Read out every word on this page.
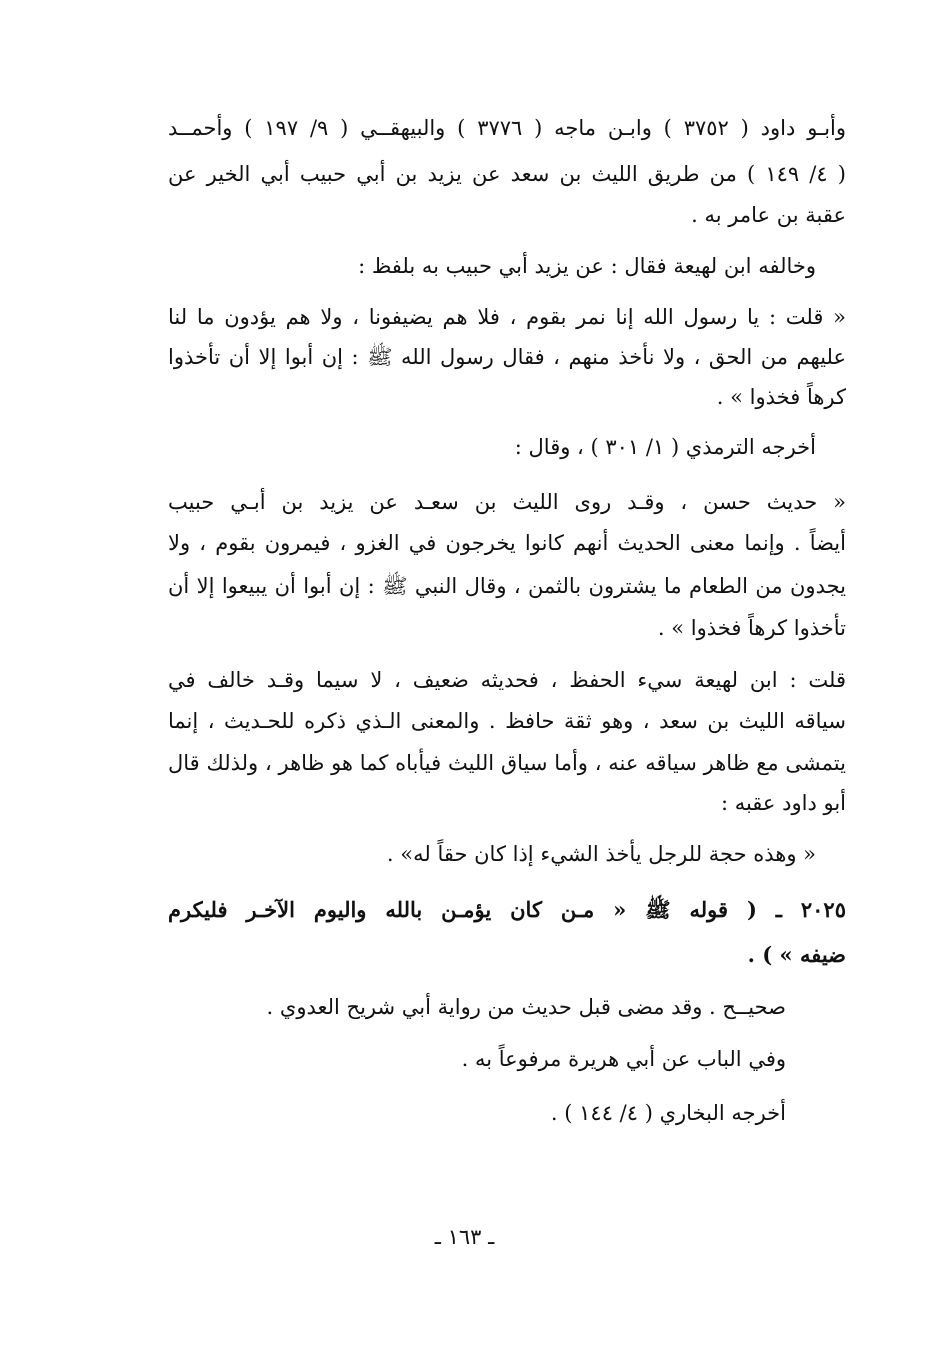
وأبـو داود ( ٣٧٥٢ ) وابـن ماجه ( ٣٧٧٦ ) والبيهقــي ( ٩/ ١٩٧ ) وأحمــد
( ٤/ ١٤٩ ) من طريق الليث بن سعد عن يزيد بن أبي حبيب أبي الخير عن
عقبة بن عامر به .
وخالفه ابن لهيعة فقال : عن يزيد أبي حبيب به بلفظ :
« قلت : يا رسول الله إنا نمر بقوم ، فلا هم يضيفونا ، ولا هم يؤدون ما لنا
عليهم من الحق ، ولا نأخذ منهم ، فقال رسول الله ﷺ : إن أبوا إلا أن تأخذوا
كرهاً فخذوا » .
أخرجه الترمذي ( ١/ ٣٠١ ) ، وقال :
« حديث حسن ، وقـد روى الليث بن سعـد عن يزيد بن أبـي حبيب
أيضاً . وإنما معنى الحديث أنهم كانوا يخرجون في الغزو ، فيمرون بقوم ، ولا
يجدون من الطعام ما يشترون بالثمن ، وقال النبي ﷺ : إن أبوا أن يبيعوا إلا أن
تأخذوا كرهاً فخذوا » .
قلت : ابن لهيعة سيء الحفظ ، فحديثه ضعيف ، لا سيما وقـد خالف في
سياقه الليث بن سعد ، وهو ثقة حافظ . والمعنى الـذي ذكره للحـديث ، إنما
يتمشى مع ظاهر سياقه عنه ، وأما سياق الليث فيأباه كما هو ظاهر ، ولذلك قال
أبو داود عقبه :
« وهذه حجة للرجل يأخذ الشيء إذا كان حقاً له» .
٢٠٢٥ ـ ( قوله ﷺ « مـن كان يؤمـن بالله واليوم الآخـر فليكرم
ضيفه » ) .
صحيــح . وقد مضى قبل حديث من رواية أبي شريح العدوي .
وفي الباب عن أبي هريرة مرفوعاً به .
أخرجه البخاري ( ٤/ ١٤٤ ) .
ـ ١٦٣ ـ
